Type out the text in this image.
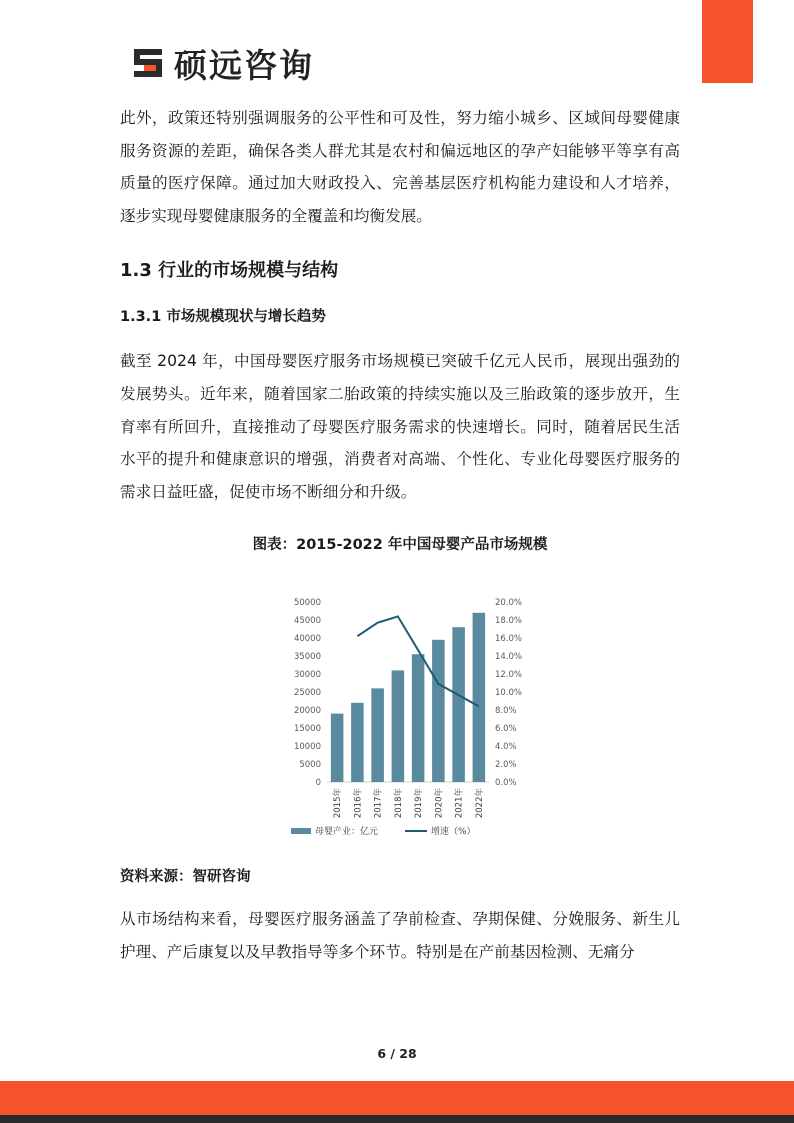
硕远咨询

此外，政策还特别强调服务的公平性和可及性，努力缩小城乡、区域间母婴健康服务资源的差距，确保各类人群尤其是农村和偏远地区的孕产妇能够平等享有高质量的医疗保障。通过加大财政投入、完善基层医疗机构能力建设和人才培养，逐步实现母婴健康服务的全覆盖和均衡发展。

1.3 行业的市场规模与结构
1.3.1 市场规模现状与增长趋势

截至 2024 年，中国母婴医疗服务市场规模已突破千亿元人民币，展现出强劲的发展势头。近年来，随着国家二胎政策的持续实施以及三胎政策的逐步放开，生育率有所回升，直接推动了母婴医疗服务需求的快速增长。同时，随着居民生活水平的提升和健康意识的增强，消费者对高端、个性化、专业化母婴医疗服务的需求日益旺盛，促使市场不断细分和升级。

图表：2015-2022 年中国母婴产品市场规模
0
5000
10000
15000
20000
25000
30000
35000
40000
45000
50000
0.0%
2.0%
4.0%
6.0%
8.0%
10.0%
12.0%
14.0%
16.0%
18.0%
20.0%
2015年 2016年 2017年 2018年 2019年 2020年 2021年 2022年
母婴产业：亿元	增速（%）
资料来源：智研咨询

从市场结构来看，母婴医疗服务涵盖了孕前检查、孕期保健、分娩服务、新生儿护理、产后康复以及早教指导等多个环节。特别是在产前基因检测、无痛分

6 / 28
